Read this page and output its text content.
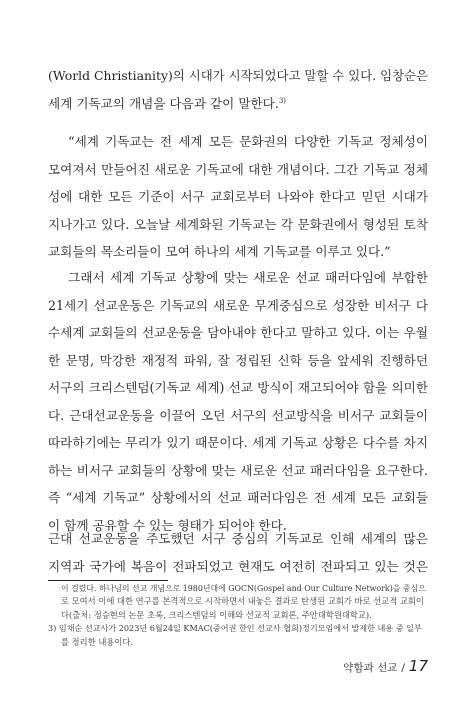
(World Christianity)의 시대가 시작되었다고 말할 수 있다. 임창순은
세계 기독교의 개념을 다음과 같이 말한다.$^{3)}$
“세계 기독교는 전 세계 모든 문화권의 다양한 기독교 정체성이
모여져서 만들어진 새로운 기독교에 대한 개념이다. 그간 기독교 정체
성에 대한 모든 기준이 서구 교회로부터 나와야 한다고 믿던 시대가
지나가고 있다. 오늘날 세계화된 기독교는 각 문화권에서 형성된 토착
교회들의 목소리들이 모여 하나의 세계 기독교를 이루고 있다.”
그래서 세계 기독교 상황에 맞는 새로운 선교 패러다임에 부합한
21세기 선교운동은 기독교의 새로운 무게중심으로 성장한 비서구 다
수세계 교회들의 선교운동을 담아내야 한다고 말하고 있다. 이는 우월
한 문명, 막강한 재정적 파워, 잘 정립된 신학 등을 앞세워 진행하던
서구의 크리스텐덤(기독교 세계) 선교 방식이 재고되어야 함을 의미한
다. 근대선교운동을 이끌어 오던 서구의 선교방식을 비서구 교회들이
따라하기에는 무리가 있기 때문이다. 세계 기독교 상황은 다수를 차지
하는 비서구 교회들의 상황에 맞는 새로운 선교 패러다임을 요구한다.
즉 “세계 기독교” 상황에서의 선교 패러다임은 전 세계 모든 교회들
이 함께 공유할 수 있는 형태가 되어야 한다.
근대 선교운동을 주도했던 서구 중심의 기독교로 인해 세계의 많은
지역과 국가에 복음이 전파되었고 현재도 여전히 전파되고 있는 것은
이 걸렸다. 하나님의 선교 개념으로 1980년대에 GOCN(Gospel and Our Culture Network)을 중심으
로 모여서 이에 대한 연구를 본격적으로 시작하면서 내놓은 결과로 탄생된 교회가 바로 선교적 교회이
다(출처: 정승현의 논문 초록, 크리스텐덤의 이해와 선교적 교회론, 주안대학원대학교).
3) 임채순 선교사가 2023년 6월24일 KMAC(중어권 한인 선교사 협회)정기모임에서 발제한 내용 중 일부
를 정리한 내용이다.
약함과 선교 / 17
